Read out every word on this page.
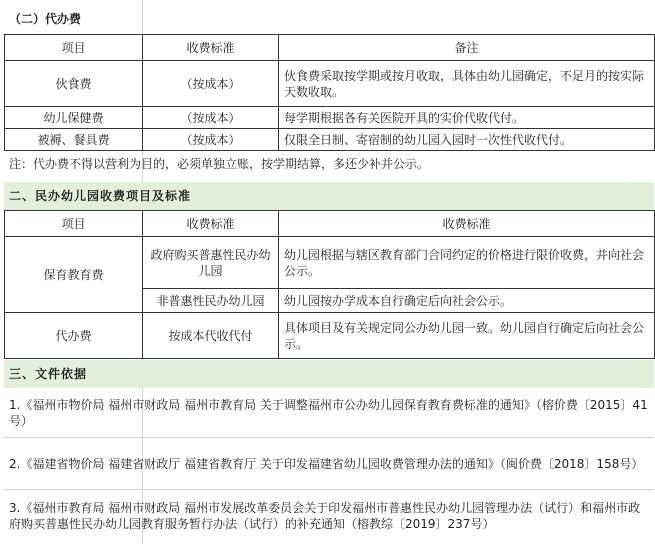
（二）代办费	
项目	收费标准	备注
伙食费	（按成本）	伙食费采取按学期或按月收取，具体由幼儿园确定，不足月的按实际天数收取。
幼儿保健费	（按成本）	每学期根据各有关医院开具的实价代收代付。
被褥、餐具费	（按成本）	仅限全日制、寄宿制的幼儿园入园时一次性代收代付。
注：代办费不得以营利为目的，必须单独立账，按学期结算，多还少补并公示。
二、民办幼儿园收费项目及标准
项目	收费标准	收费标准
保育教育费	政府购买普惠性民办幼儿园	幼儿园根据与辖区教育部门合同约定的价格进行限价收费，并向社会公示。
	非普惠性民办幼儿园	幼儿园按办学成本自行确定后向社会公示。
代办费	按成本代收代付	具体项目及有关规定同公办幼儿园一致。幼儿园自行确定后向社会公示。
三、文件依据
1.《福州市物价局 福州市财政局 福州市教育局 关于调整福州市公办幼儿园保育教育费标准的通知》（榕价费〔2015〕41号）
2.《福建省物价局 福建省财政厅 福建省教育厅 关于印发福建省幼儿园收费管理办法的通知》（闽价费〔2018〕158号）
3.《福州市教育局 福州市财政局 福州市发展改革委员会关于印发福州市普惠性民办幼儿园管理办法（试行）和福州市政府购买普惠性民办幼儿园教育服务暂行办法（试行）的补充通知（榕教综〔2019〕237号）
